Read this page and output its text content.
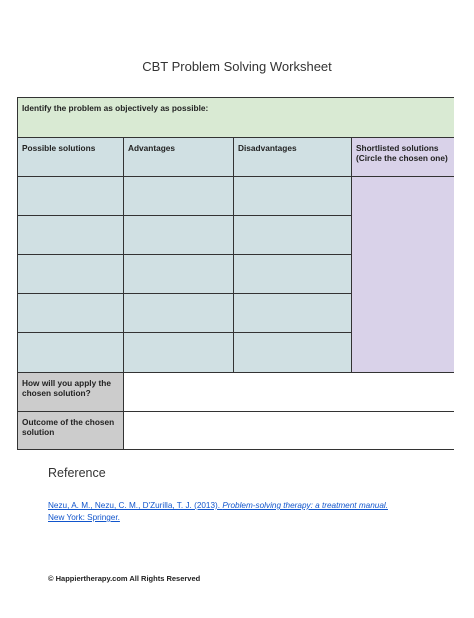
CBT Problem Solving Worksheet
Identify the problem as objectively as possible:
Possible solutions	Advantages	Disadvantages	Shortlisted solutions (Circle the chosen one)
How will you apply the chosen solution?
Outcome of the chosen solution
Reference
Nezu, A. M., Nezu, C. M., D'Zurilla, T. J. (2013). Problem-solving therapy: a treatment manual.
New York: Springer.
© Happiertherapy.com All Rights Reserved
